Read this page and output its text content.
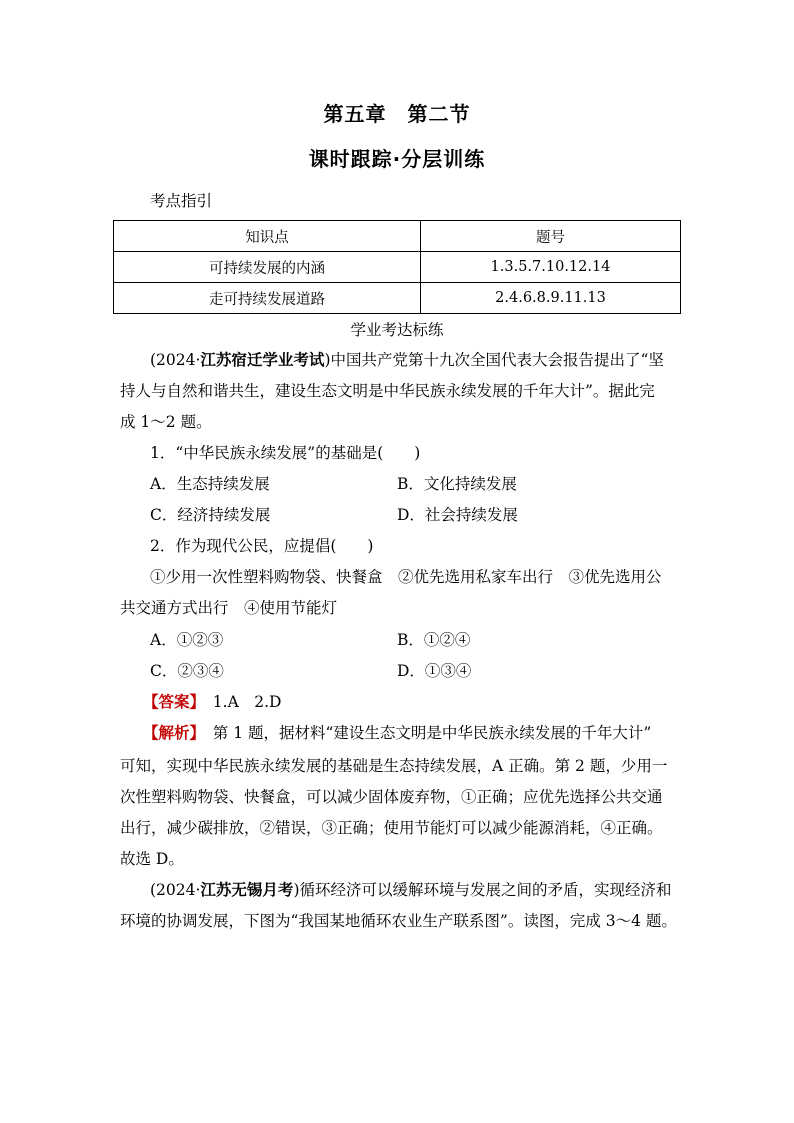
第五章　第二节
课时跟踪·分层训练
考点指引
知识点	题号
可持续发展的内涵	1.3.5.7.10.12.14
走可持续发展道路	2.4.6.8.9.11.13
学业考达标练
(2024·江苏宿迁学业考试)中国共产党第十九次全国代表大会报告提出了“坚
持人与自然和谐共生，建设生态文明是中华民族永续发展的千年大计”。据此完
成 1～2 题。
1．“中华民族永续发展”的基础是(　　)
A．生态持续发展	B．文化持续发展
C．经济持续发展	D．社会持续发展
2．作为现代公民，应提倡(　　)
①少用一次性塑料购物袋、快餐盒　②优先选用私家车出行　③优先选用公
共交通方式出行　④使用节能灯
A．①②③	B．①②④
C．②③④	D．①③④
【答案】　 1.A　2.D
【解析】　 第 1 题，据材料“建设生态文明是中华民族永续发展的千年大计”
可知，实现中华民族永续发展的基础是生态持续发展，A 正确。第 2 题，少用一
次性塑料购物袋、快餐盒，可以减少固体废弃物，①正确；应优先选择公共交通
出行，减少碳排放，②错误，③正确；使用节能灯可以减少能源消耗，④正确。
故选 D。
(2024·江苏无锡月考)循环经济可以缓解环境与发展之间的矛盾，实现经济和
环境的协调发展，下图为“我国某地循环农业生产联系图”。读图，完成 3～4 题。
